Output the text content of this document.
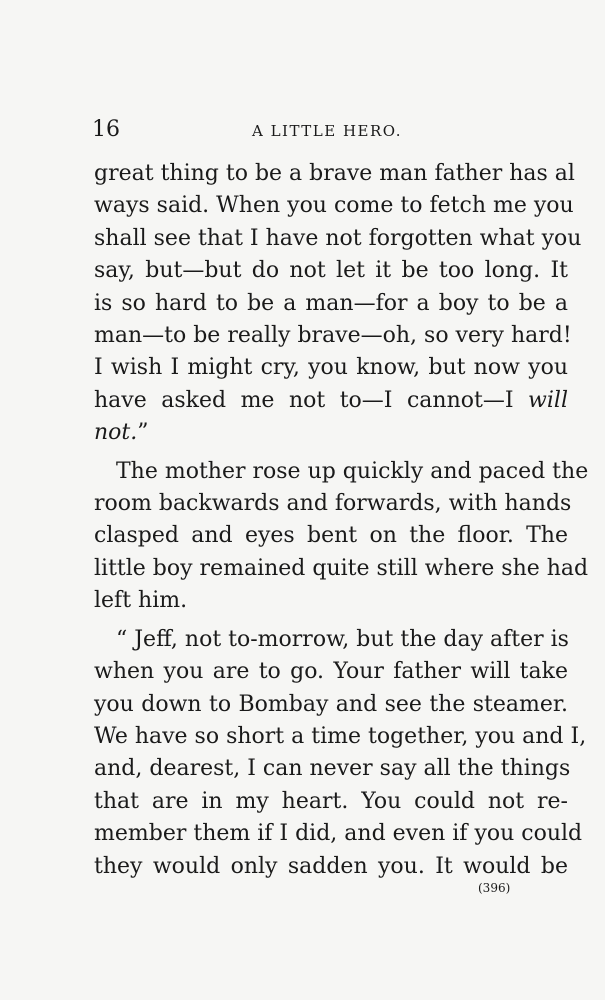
16	A LITTLE HERO.
great thing to be a brave man father has al
ways said. When you come to fetch me you
shall see that I have not forgotten what you
say, but—but do not let it be too long. It
is so hard to be a man—for a boy to be a
man—to be really brave—oh, so very hard!
I wish I might cry, you know, but now you
have asked me not to—I cannot—I will
not.”
The mother rose up quickly and paced the
room backwards and forwards, with hands
clasped and eyes bent on the floor. The
little boy remained quite still where she had
left him.
“ Jeff, not to-morrow, but the day after is
when you are to go. Your father will take
you down to Bombay and see the steamer.
We have so short a time together, you and I,
and, dearest, I can never say all the things
that are in my heart. You could not re-
member them if I did, and even if you could
they would only sadden you. It would be
(396)
